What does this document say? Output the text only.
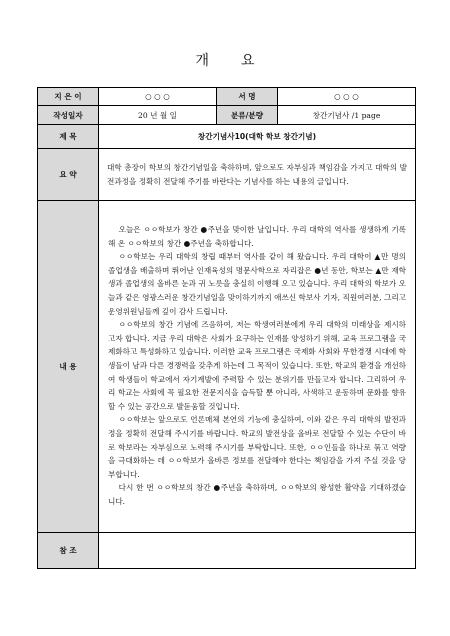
개 요
지 은 이	○ ○ ○	서 명	○ ○ ○
작성일자	20 년 월 일	분류/분량	창간기념사 /1 page
제 목	창간기념사10(대학 학보 창간기념)		
요 약	대학 총장이 학보의 창간기념일을 축하하며, 앞으로도 자부심과 책임감을 가지고 대학의 발전과정을 정확히 전달해 주기를 바란다는 기념사를 하는 내용의 글입니다.		
내 용	오늘은 ㅇㅇ학보가 창간 ●주년을 맞이한 날입니다. 우리 대학의 역사를 생생하게 기록해 온 ㅇㅇ학보의 창간 ●주년을 축하합니다.

ㅇㅇ학보는 우리 대학의 창립 때부터 역사를 같이 해 왔습니다. 우리 대학이 ▲만 명의 졸업생을 배출하며 뛰어난 인재육성의 명문사학으로 자리잡은 ●년 동안, 학보는 ▲만 재학생과 졸업생의 올바른 눈과 귀 노릇을 충실히 이행해 오고 있습니다. 우리 대학의 학보가 오늘과 같은 영광스러운 창간기념일을 맞이하기까지 애쓰신 학보사 기자, 직원여러분, 그리고 운영위원님들께 깊이 감사 드립니다.

ㅇㅇ학보의 창간 기념에 즈음하여, 저는 학생여러분에게 우리 대학의 미래상을 제시하고자 합니다. 지금 우리 대학은 사회가 요구하는 인재를 양성하기 위해, 교육 프로그램을 국제화하고 특성화하고 있습니다. 이러한 교육 프로그램은 국제화 사회와 무한경쟁 시대에 학생들이 남과 다른 경쟁력을 갖추게 하는데 그 목적이 있습니다. 또한, 학교의 환경을 개선하여 학생들이 학교에서 자기계발에 주력할 수 있는 분위기를 만들고자 합니다. 그리하여 우리 학교는 사회에 꼭 필요한 전문지식을 습득할 뿐 아니라, 사색하고 운동하며 문화를 향유할 수 있는 공간으로 발돋움할 것입니다.

ㅇㅇ학보는 앞으로도 언론매체 본연의 기능에 충실하여, 이와 같은 우리 대학의 발전과정을 정확히 전달해 주시기를 바랍니다. 학교의 발전상을 올바로 전달할 수 있는 수단이 바로 학보라는 자부심으로 노력해 주시기를 부탁합니다. 또한, ㅇㅇ인들을 하나로 묶고 역량을 극대화하는 데 ㅇㅇ학보가 올바른 정보를 전달해야 한다는 책임감을 가져 주실 것을 당부합니다.

다시 한 번 ㅇㅇ학보의 창간 ●주년을 축하하며, ㅇㅇ학보의 왕성한 활약을 기대하겠습니다.		

참 조			
